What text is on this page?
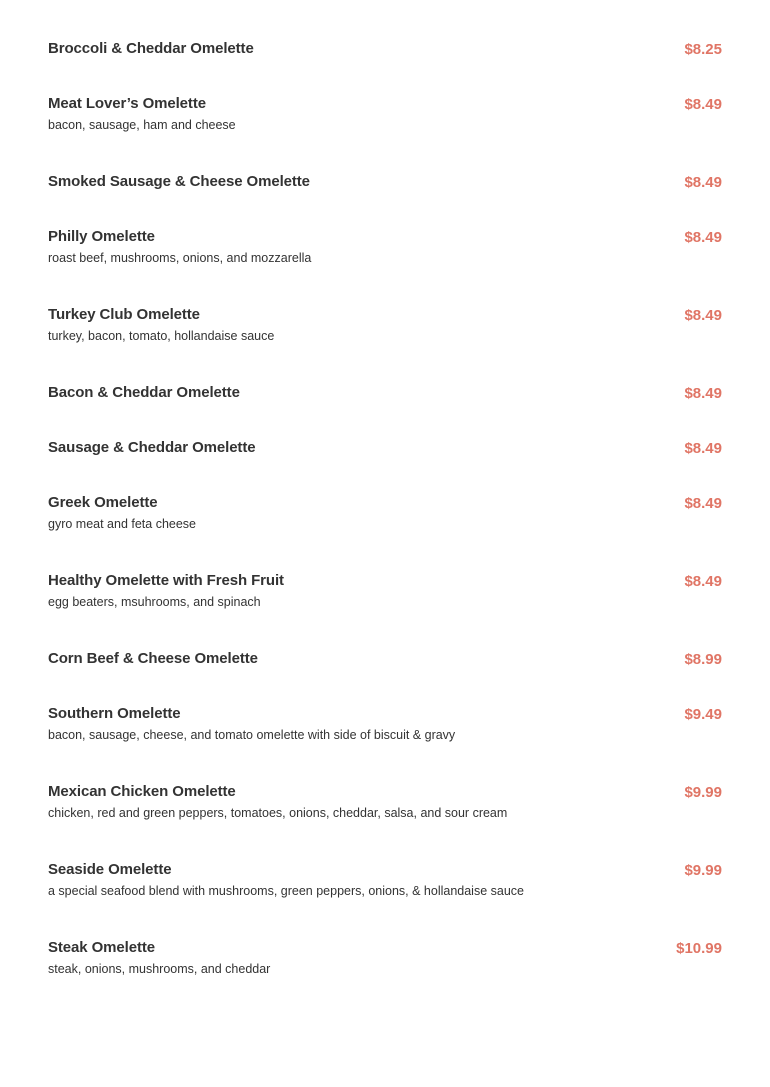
Broccoli & Cheddar Omelette	$8.25
Meat Lover’s Omelette	$8.49
bacon, sausage, ham and cheese
Smoked Sausage & Cheese Omelette	$8.49
Philly Omelette	$8.49
roast beef, mushrooms, onions, and mozzarella
Turkey Club Omelette	$8.49
turkey, bacon, tomato, hollandaise sauce
Bacon & Cheddar Omelette	$8.49
Sausage & Cheddar Omelette	$8.49
Greek Omelette	$8.49
gyro meat and feta cheese
Healthy Omelette with Fresh Fruit	$8.49
egg beaters, msuhrooms, and spinach
Corn Beef & Cheese Omelette	$8.99
Southern Omelette	$9.49
bacon, sausage, cheese, and tomato omelette with side of biscuit & gravy
Mexican Chicken Omelette	$9.99
chicken, red and green peppers, tomatoes, onions, cheddar, salsa, and sour cream
Seaside Omelette	$9.99
a special seafood blend with mushrooms, green peppers, onions, & hollandaise sauce
Steak Omelette	$10.99
steak, onions, mushrooms, and cheddar
